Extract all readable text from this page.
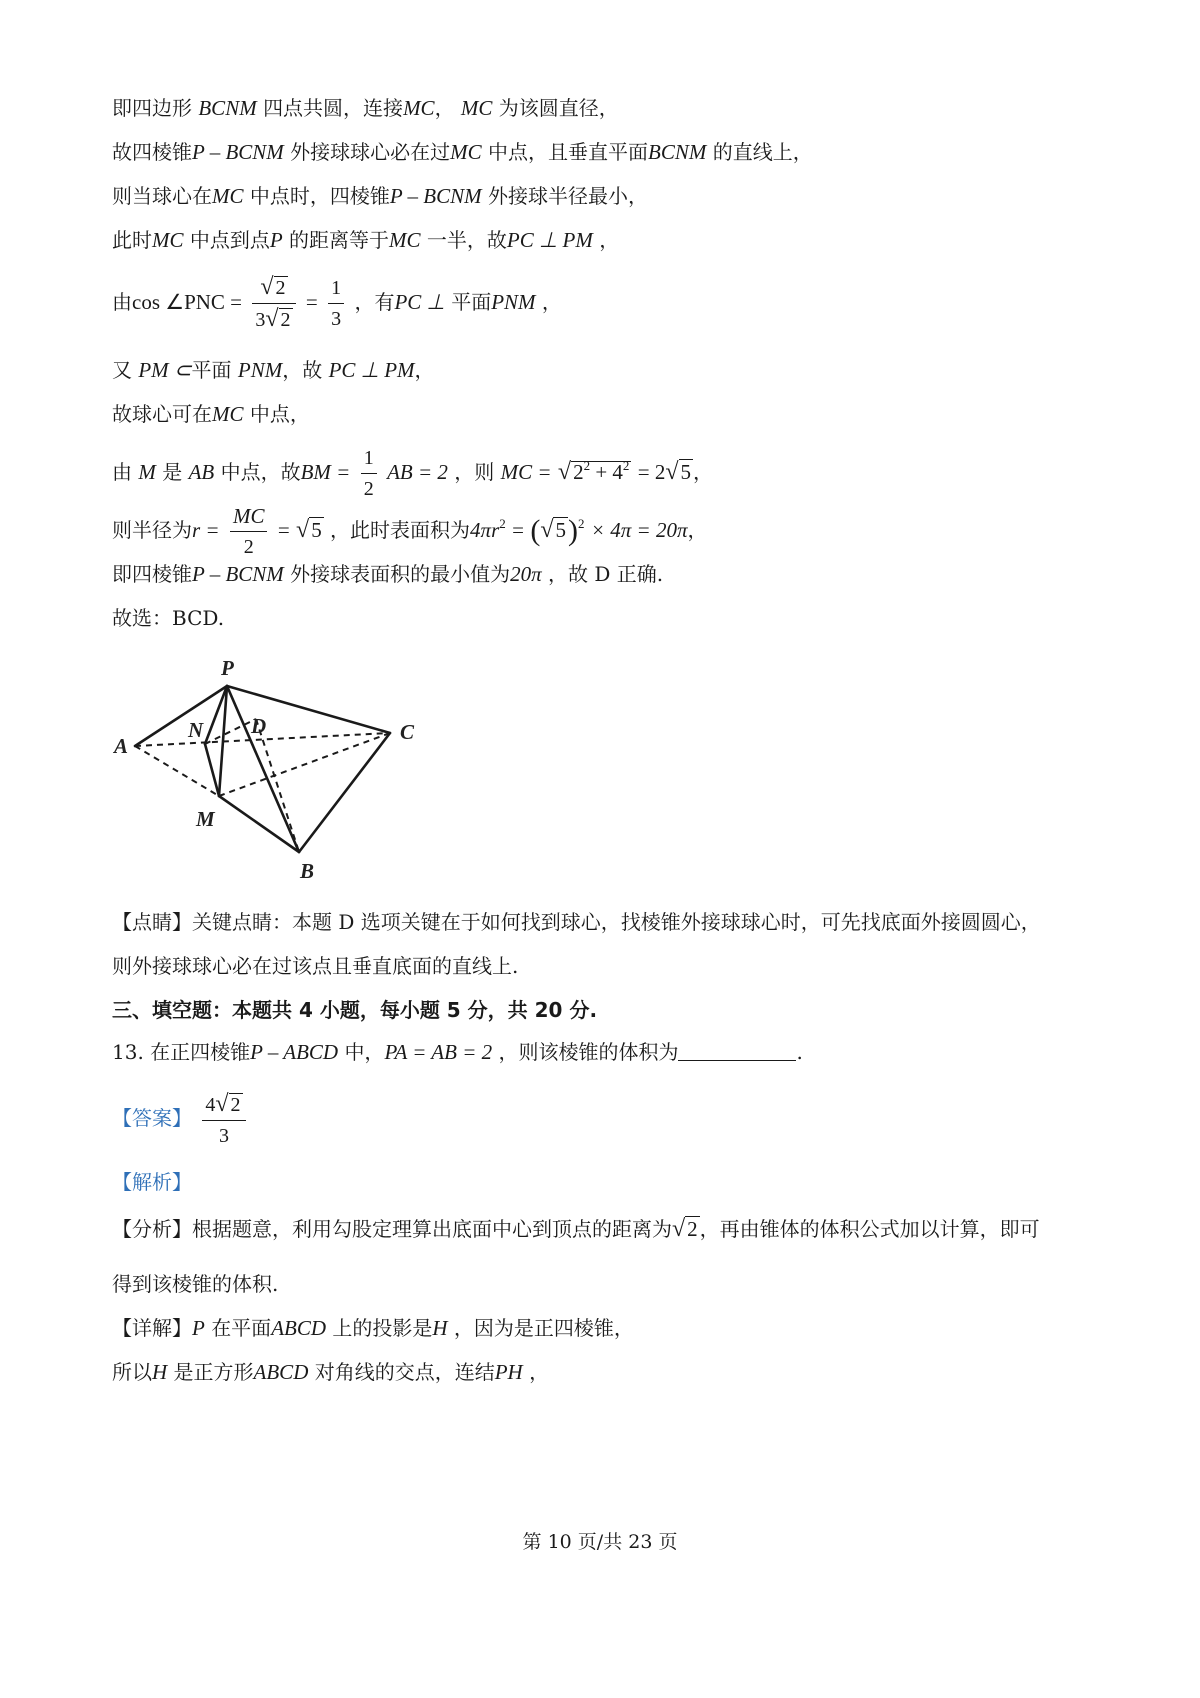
即四边形 BCNM 四点共圆，连接MC， MC 为该圆直径，
故四棱锥P – BCNM 外接球球心必在过MC 中点，且垂直平面BCNM 的直线上，
则当球心在MC 中点时，四棱锥P – BCNM 外接球半径最小，
此时MC 中点到点P 的距离等于MC 一半，故PC ⊥ PM ，
由cos ∠PNC = $\frac{√ 2}{3√ 2} = \frac{1}{3}$ ，有PC ⊥ 平面PNM ，
又 PM ⊂平面 PNM，故 PC ⊥ PM，
故球心可在MC 中点，
由 M 是 AB 中点，故BM = $\frac{1}{2}$ AB = 2 ，则 MC = $√2^2 + 4^2 = 2√5$ ，
则半径为$r = \frac{MC}{2} = √5$ ，此时表面积为$4\pi r^2 = (√5)^2 \times 4\pi = 20\pi$，
即四棱锥P – BCNM 外接球表面积的最小值为20π ，故 D 正确.
故选：BCD.
P
N D	C
A
M
B
【点睛】关键点睛：本题 D 选项关键在于如何找到球心，找棱锥外接球球心时，可先找底面外接圆圆心，
则外接球球心必在过该点且垂直底面的直线上.
三、填空题：本题共 4 小题，每小题 5 分，共 20 分.
13. 在正四棱锥P – ABCD 中，PA = AB = 2 ，则该棱锥的体积为	.
【答案】 $\frac{4√ 2}{3}$
【解析】
【分析】根据题意，利用勾股定理算出底面中心到顶点的距离为√2 ，再由锥体的体积公式加以计算，即可
得到该棱锥的体积.
【详解】P 在平面ABCD 上的投影是H ，因为是正四棱锥，
所以H 是正方形ABCD 对角线的交点，连结PH ，
第 10 页/共 23 页
